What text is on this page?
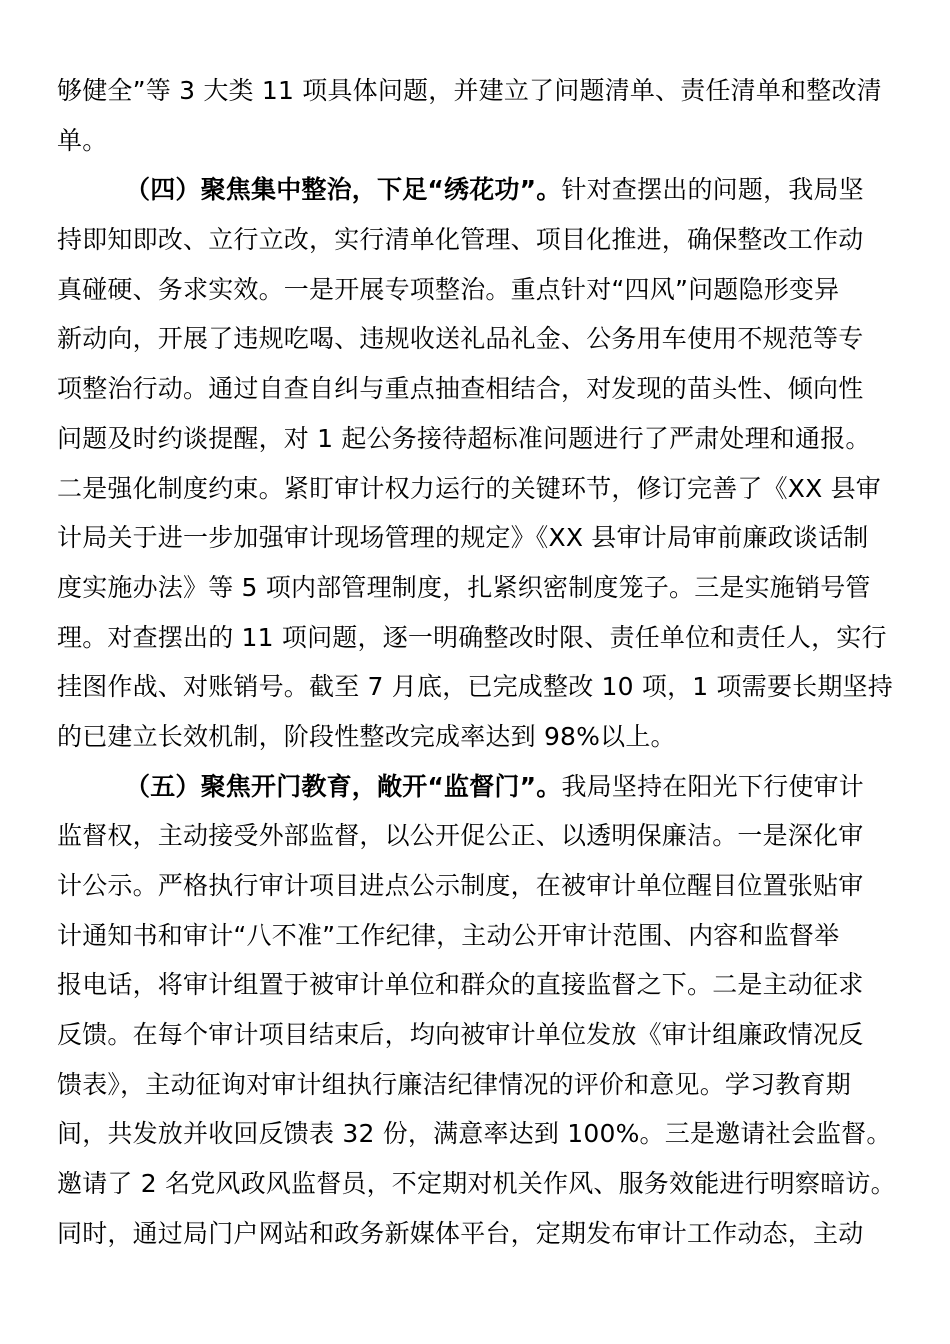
够健全”等 3 大类 11 项具体问题，并建立了问题清单、责任清单和整改清
单。
（四）聚焦集中整治，下足“绣花功”。针对查摆出的问题，我局坚
持即知即改、立行立改，实行清单化管理、项目化推进，确保整改工作动
真碰硬、务求实效。一是开展专项整治。重点针对“四风”问题隐形变异
新动向，开展了违规吃喝、违规收送礼品礼金、公务用车使用不规范等专
项整治行动。通过自查自纠与重点抽查相结合，对发现的苗头性、倾向性
问题及时约谈提醒，对 1 起公务接待超标准问题进行了严肃处理和通报。
二是强化制度约束。紧盯审计权力运行的关键环节，修订完善了《XX 县审
计局关于进一步加强审计现场管理的规定》《XX 县审计局审前廉政谈话制
度实施办法》等 5 项内部管理制度，扎紧织密制度笼子。三是实施销号管
理。对查摆出的 11 项问题，逐一明确整改时限、责任单位和责任人，实行
挂图作战、对账销号。截至 7 月底，已完成整改 10 项，1 项需要长期坚持
的已建立长效机制，阶段性整改完成率达到 98%以上。
（五）聚焦开门教育，敞开“监督门”。我局坚持在阳光下行使审计
监督权，主动接受外部监督，以公开促公正、以透明保廉洁。一是深化审
计公示。严格执行审计项目进点公示制度，在被审计单位醒目位置张贴审
计通知书和审计“八不准”工作纪律，主动公开审计范围、内容和监督举
报电话，将审计组置于被审计单位和群众的直接监督之下。二是主动征求
反馈。在每个审计项目结束后，均向被审计单位发放《审计组廉政情况反
馈表》，主动征询对审计组执行廉洁纪律情况的评价和意见。学习教育期
间，共发放并收回反馈表 32 份，满意率达到 100%。三是邀请社会监督。
邀请了 2 名党风政风监督员，不定期对机关作风、服务效能进行明察暗访。
同时，通过局门户网站和政务新媒体平台，定期发布审计工作动态，主动
